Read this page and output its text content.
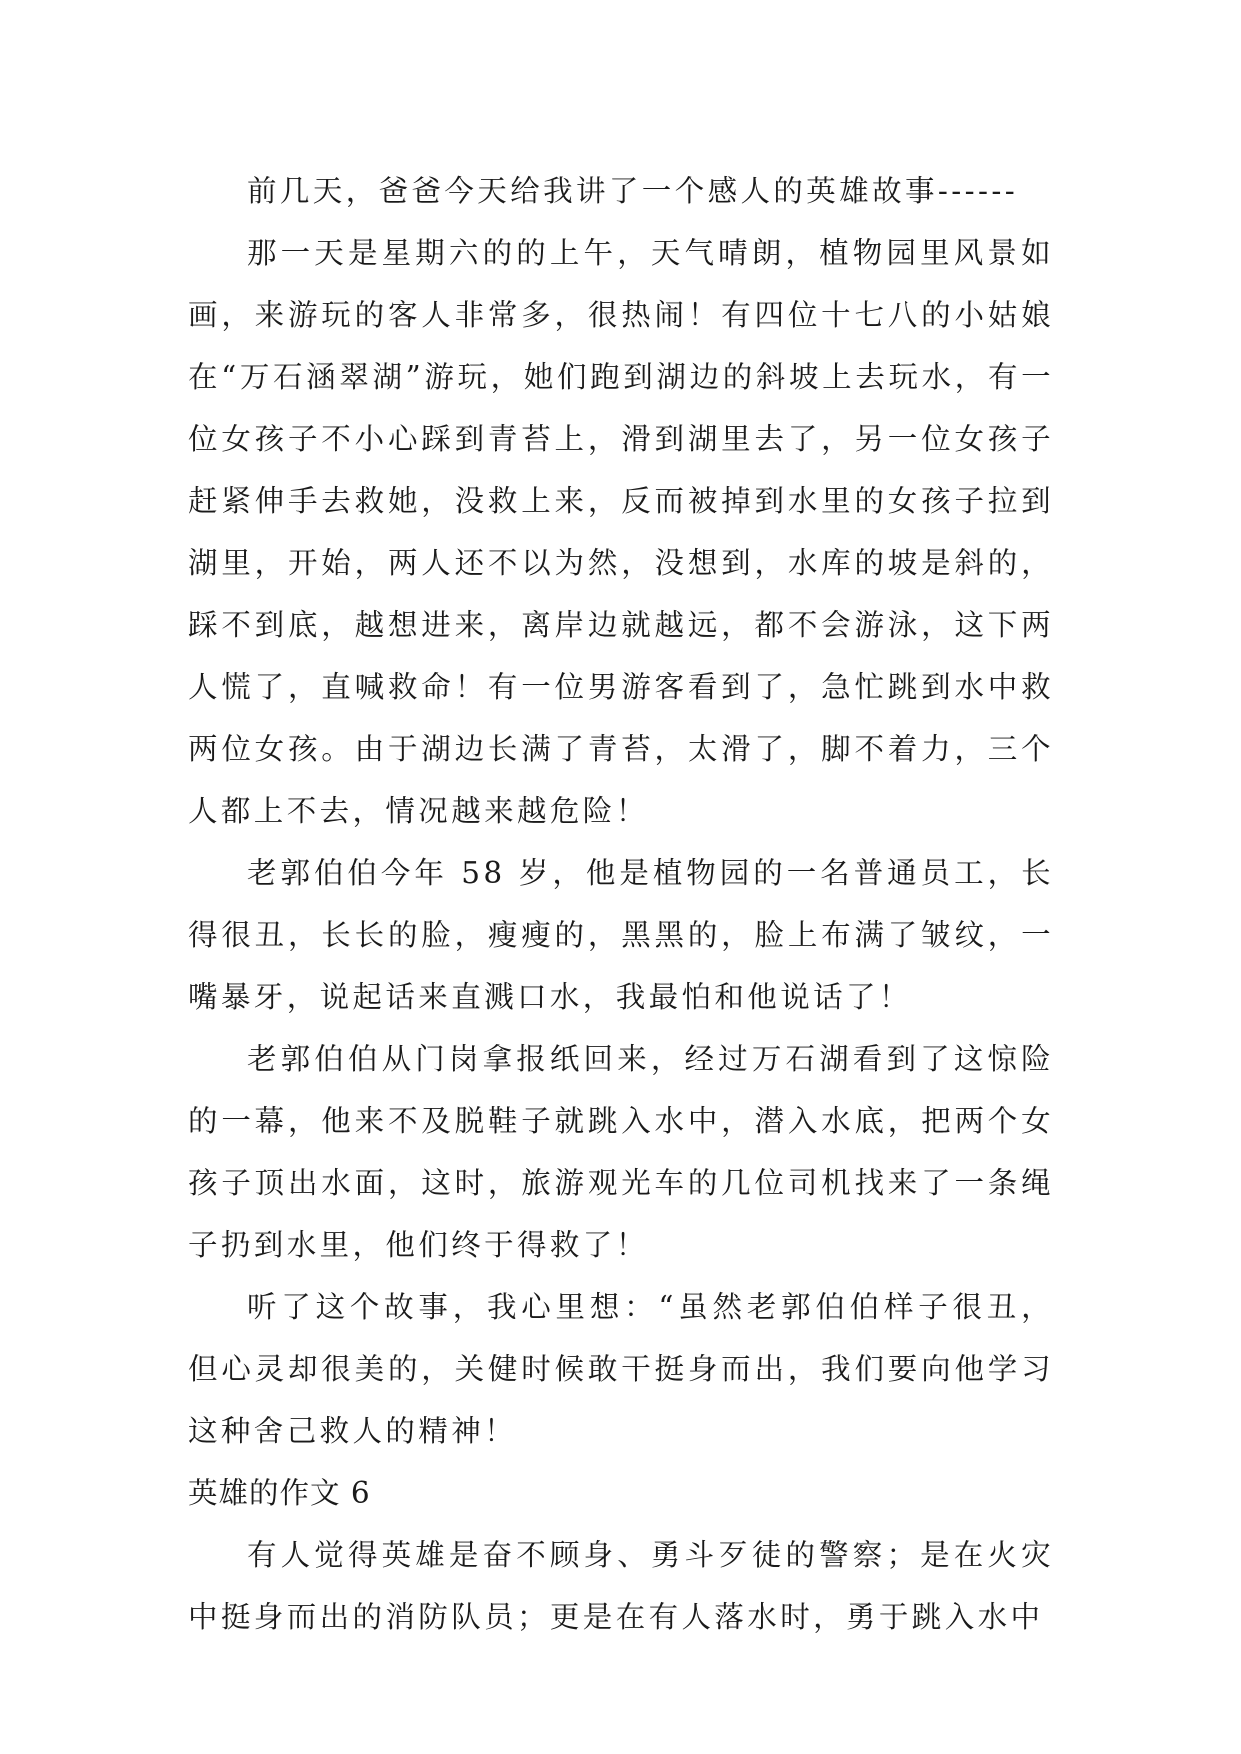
前几天，爸爸今天给我讲了一个感人的英雄故事------

那一天是星期六的的上午，天气晴朗，植物园里风景如画，来游玩的客人非常多，很热闹！有四位十七八的小姑娘在“万石涵翠湖”游玩，她们跑到湖边的斜坡上去玩水，有一位女孩子不小心踩到青苔上，滑到湖里去了，另一位女孩子赶紧伸手去救她，没救上来，反而被掉到水里的女孩子拉到湖里，开始，两人还不以为然，没想到，水库的坡是斜的，踩不到底，越想进来，离岸边就越远，都不会游泳，这下两人慌了，直喊救命！有一位男游客看到了，急忙跳到水中救两位女孩。由于湖边长满了青苔，太滑了，脚不着力，三个人都上不去，情况越来越危险！

老郭伯伯今年 58 岁，他是植物园的一名普通员工，长得很丑，长长的脸，瘦瘦的，黑黑的，脸上布满了皱纹，一嘴暴牙，说起话来直溅口水，我最怕和他说话了！

老郭伯伯从门岗拿报纸回来，经过万石湖看到了这惊险的一幕，他来不及脱鞋子就跳入水中，潜入水底，把两个女孩子顶出水面，这时，旅游观光车的几位司机找来了一条绳子扔到水里，他们终于得救了！

听了这个故事，我心里想：“虽然老郭伯伯样子很丑，但心灵却很美的，关健时候敢干挺身而出，我们要向他学习这种舍己救人的精神！

英雄的作文 6

有人觉得英雄是奋不顾身、勇斗歹徒的警察；是在火灾中挺身而出的消防队员；更是在有人落水时，勇于跳入水中
